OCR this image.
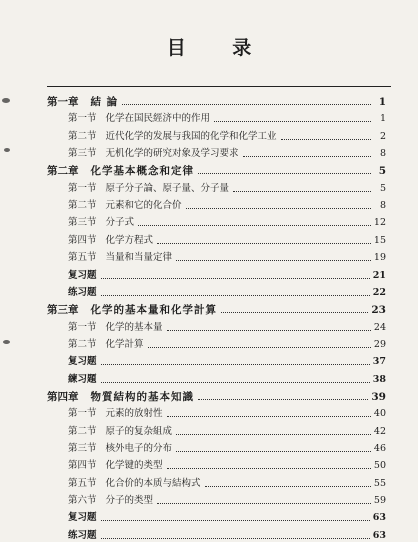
目 录
第一章 結 論	1
第一节 化学在国民經济中的作用	1
第二节 近代化学的发展与我国的化学和化学工业	2
第三节 无机化学的研究对象及学习要求	8
第二章 化学基本概念和定律	5
第一节 原子分子論、原子量、分子量	5
第二节 元素和它的化合价	8
第三节 分子式	12
第四节 化学方程式	15
第五节 当量和当量定律	19
复习题	21
练习题	22
第三章 化学的基本量和化学計算	23
第一节 化学的基本量	24
第二节 化学計算	29
复习题	37
練习題	38
第四章 物質結构的基本知識	39
第一节 元素的放射性	40
第二节 原子的复杂組成	42
第三节 核外电子的分布	46
第四节 化学键的类型	50
第五节 化合价的本质与結构式	55
第六节 分子的类型	59
复习题	63
练习题	63
